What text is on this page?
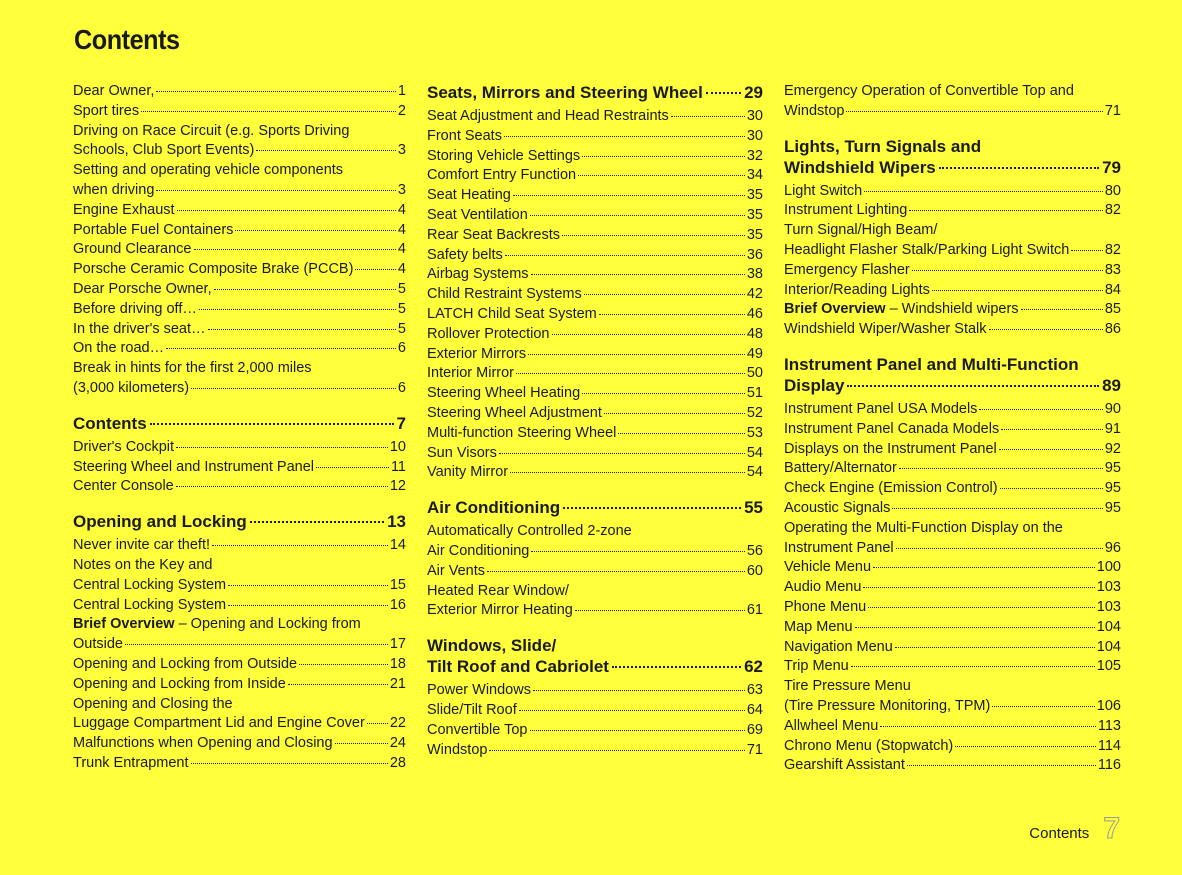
Contents
Dear Owner,	1
Sport tires	2
Driving on Race Circuit (e.g. Sports Driving
Schools, Club Sport Events)	3
Setting and operating vehicle components
when driving	3
Engine Exhaust	4
Portable Fuel Containers	4
Ground Clearance	4
Porsche Ceramic Composite Brake (PCCB)	4
Dear Porsche Owner,	5
Before driving off…	5
In the driver's seat…	5
On the road…	6
Break in hints for the first 2,000 miles
(3,000 kilometers)	6
Contents	7
Driver's Cockpit	10
Steering Wheel and Instrument Panel	11
Center Console	12
Opening and Locking	13
Never invite car theft!	14
Notes on the Key and
Central Locking System	15
Central Locking System	16
Brief Overview – Opening and Locking from
Outside	17
Opening and Locking from Outside	18
Opening and Locking from Inside	21
Opening and Closing the
Luggage Compartment Lid and Engine Cover 22
Malfunctions when Opening and Closing	24
Trunk Entrapment	28
Seats, Mirrors and Steering Wheel 29
Seat Adjustment and Head Restraints	30
Front Seats	30
Storing Vehicle Settings	32
Comfort Entry Function	34
Seat Heating	35
Seat Ventilation	35
Rear Seat Backrests	35
Safety belts	36
Airbag Systems	38
Child Restraint Systems	42
LATCH Child Seat System	46
Rollover Protection	48
Exterior Mirrors	49
Interior Mirror	50
Steering Wheel Heating	51
Steering Wheel Adjustment	52
Multi-function Steering Wheel	53
Sun Visors	54
Vanity Mirror	54
Air Conditioning	55
Automatically Controlled 2-zone
Air Conditioning	56
Air Vents	60
Heated Rear Window/
Exterior Mirror Heating	61
Windows, Slide/
Tilt Roof and Cabriolet	62
Power Windows	63
Slide/Tilt Roof	64
Convertible Top	69
Windstop	71
Emergency Operation of Convertible Top and
Windstop	71
Lights, Turn Signals and
Windshield Wipers	79
Light Switch	80
Instrument Lighting	82
Turn Signal/High Beam/
Headlight Flasher Stalk/Parking Light Switch 82
Emergency Flasher	83
Interior/Reading Lights	84
Brief Overview – Windshield wipers	85
Windshield Wiper/Washer Stalk	86
Instrument Panel and Multi-Function
Display	89
Instrument Panel USA Models	90
Instrument Panel Canada Models	91
Displays on the Instrument Panel	92
Battery/Alternator	95
Check Engine (Emission Control)	95
Acoustic Signals	95
Operating the Multi-Function Display on the
Instrument Panel	96
Vehicle Menu	100
Audio Menu	103
Phone Menu	103
Map Menu	104
Navigation Menu	104
Trip Menu	105
Tire Pressure Menu
(Tire Pressure Monitoring, TPM)	106
Allwheel Menu	113
Chrono Menu (Stopwatch)	114
Gearshift Assistant	116
Contents 7
